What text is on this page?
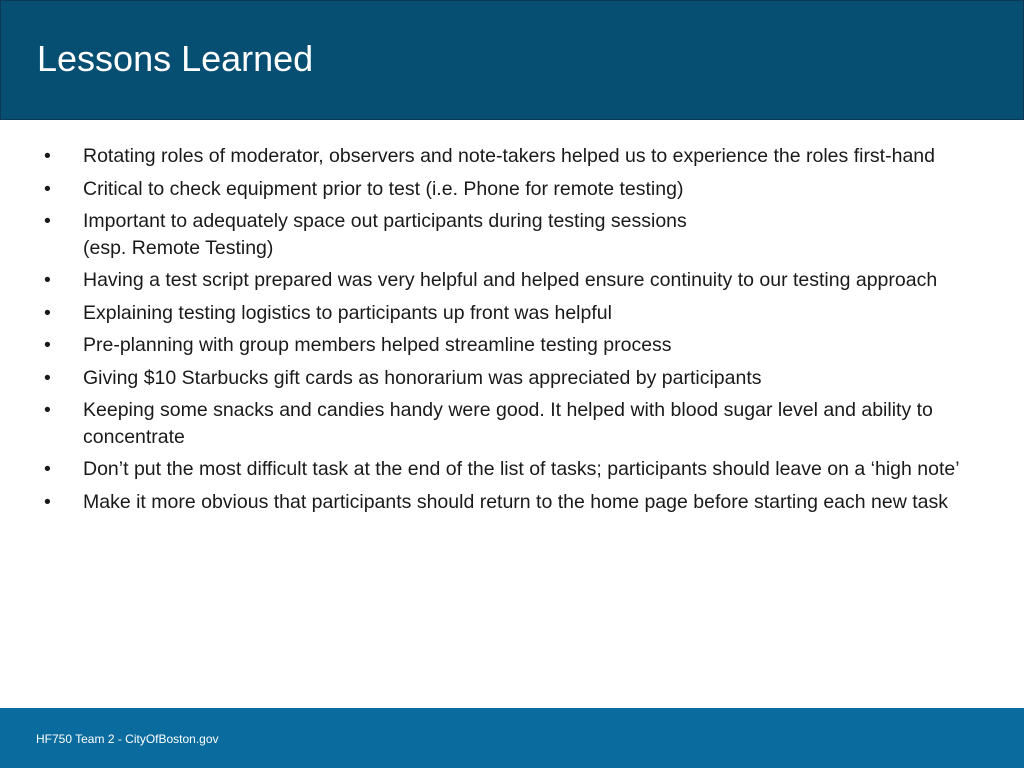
Lessons Learned
•	Rotating roles of moderator, observers and note-takers helped us to experience the roles first-hand
•	Critical to check equipment prior to test (i.e. Phone for remote testing)
•	Important to adequately space out participants during testing sessions
(esp. Remote Testing)
•	Having a test script prepared was very helpful and helped ensure continuity to our testing approach
•	Explaining testing logistics to participants up front was helpful
•	Pre-planning with group members helped streamline testing process
•	Giving $10 Starbucks gift cards as honorarium was appreciated by participants
•	Keeping some snacks and candies handy were good. It helped with blood sugar level and ability to concentrate
•	Don’t put the most difficult task at the end of the list of tasks; participants should leave on a ‘high note’
•	Make it more obvious that participants should return to the home page before starting each new task
HF750 Team 2 - CityOfBoston.gov
